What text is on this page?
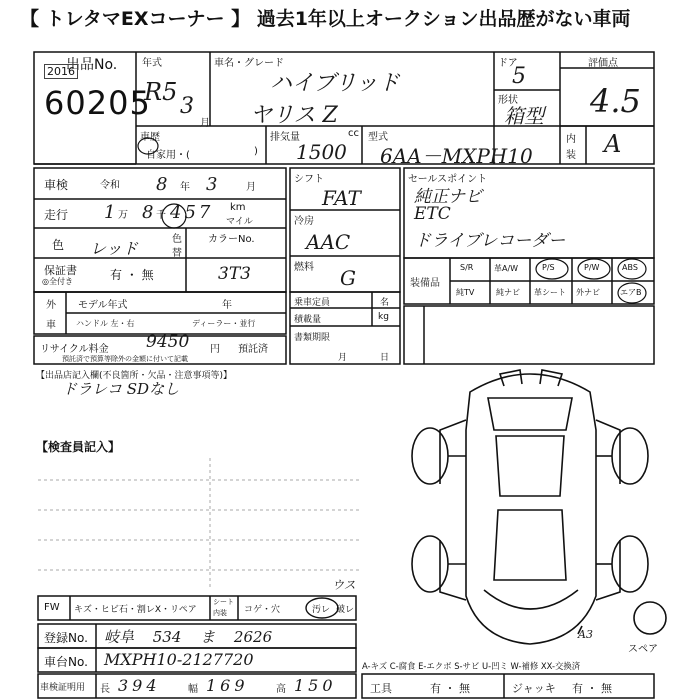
【 トレタマEXコーナー 】 過去1年以上オークション出品歴がない車両
出品No.
2016
60205
年式
R5
3
月
車名・グレード
ハイブリッド
ヤリス Z
ドア
5
形状
箱型
評価点
4.5
内
装 A
車歴
自家用・(	)
排気量	cc
1500
型式
6AA－MXPH10
車検	令和 8 年 3	月
走行 1 万 8 千 457 km
マイル
色 レッド	色
替
カラーNo.
3T3
保証書
◎全付き	有 ・ 無
外
車
モデル年式	年
ハンドル 左・右	ディーラー・並行
リサイクル料金 9450 円 預託済
預託済で預算等除外の金額に付いて記載
【出品店記入欄(不良箇所・欠品・注意事項等)】
ドラレコ SDなし
シフト
FAT
冷房
AAC
燃料 G
乗車定員	名
積載量	kg
書類期限
月	日
セールスポイント
純正ナビ
ETC
ドライブレコーダー
装備品
S/R	革A/W	P/S	P/W	ABS
純TV	純ナビ 革シート 外ナビ	エアB
【検査員記入】
A3
スペア
A-キズ C-腐食 E-エクボ S-サビ U-凹ミ W-補修 XX-交換済
FW キズ・ヒビ石・割レX・リペア
シート
内装 コゲ・穴	汚レ 破レ
ウス
登録No. 岐阜 534 ま 2626
車台No. MXPH10-2127720
車検証明用 長 394	幅 169	高 150	工具	有 ・ 無	ジャッキ 有 ・ 無
